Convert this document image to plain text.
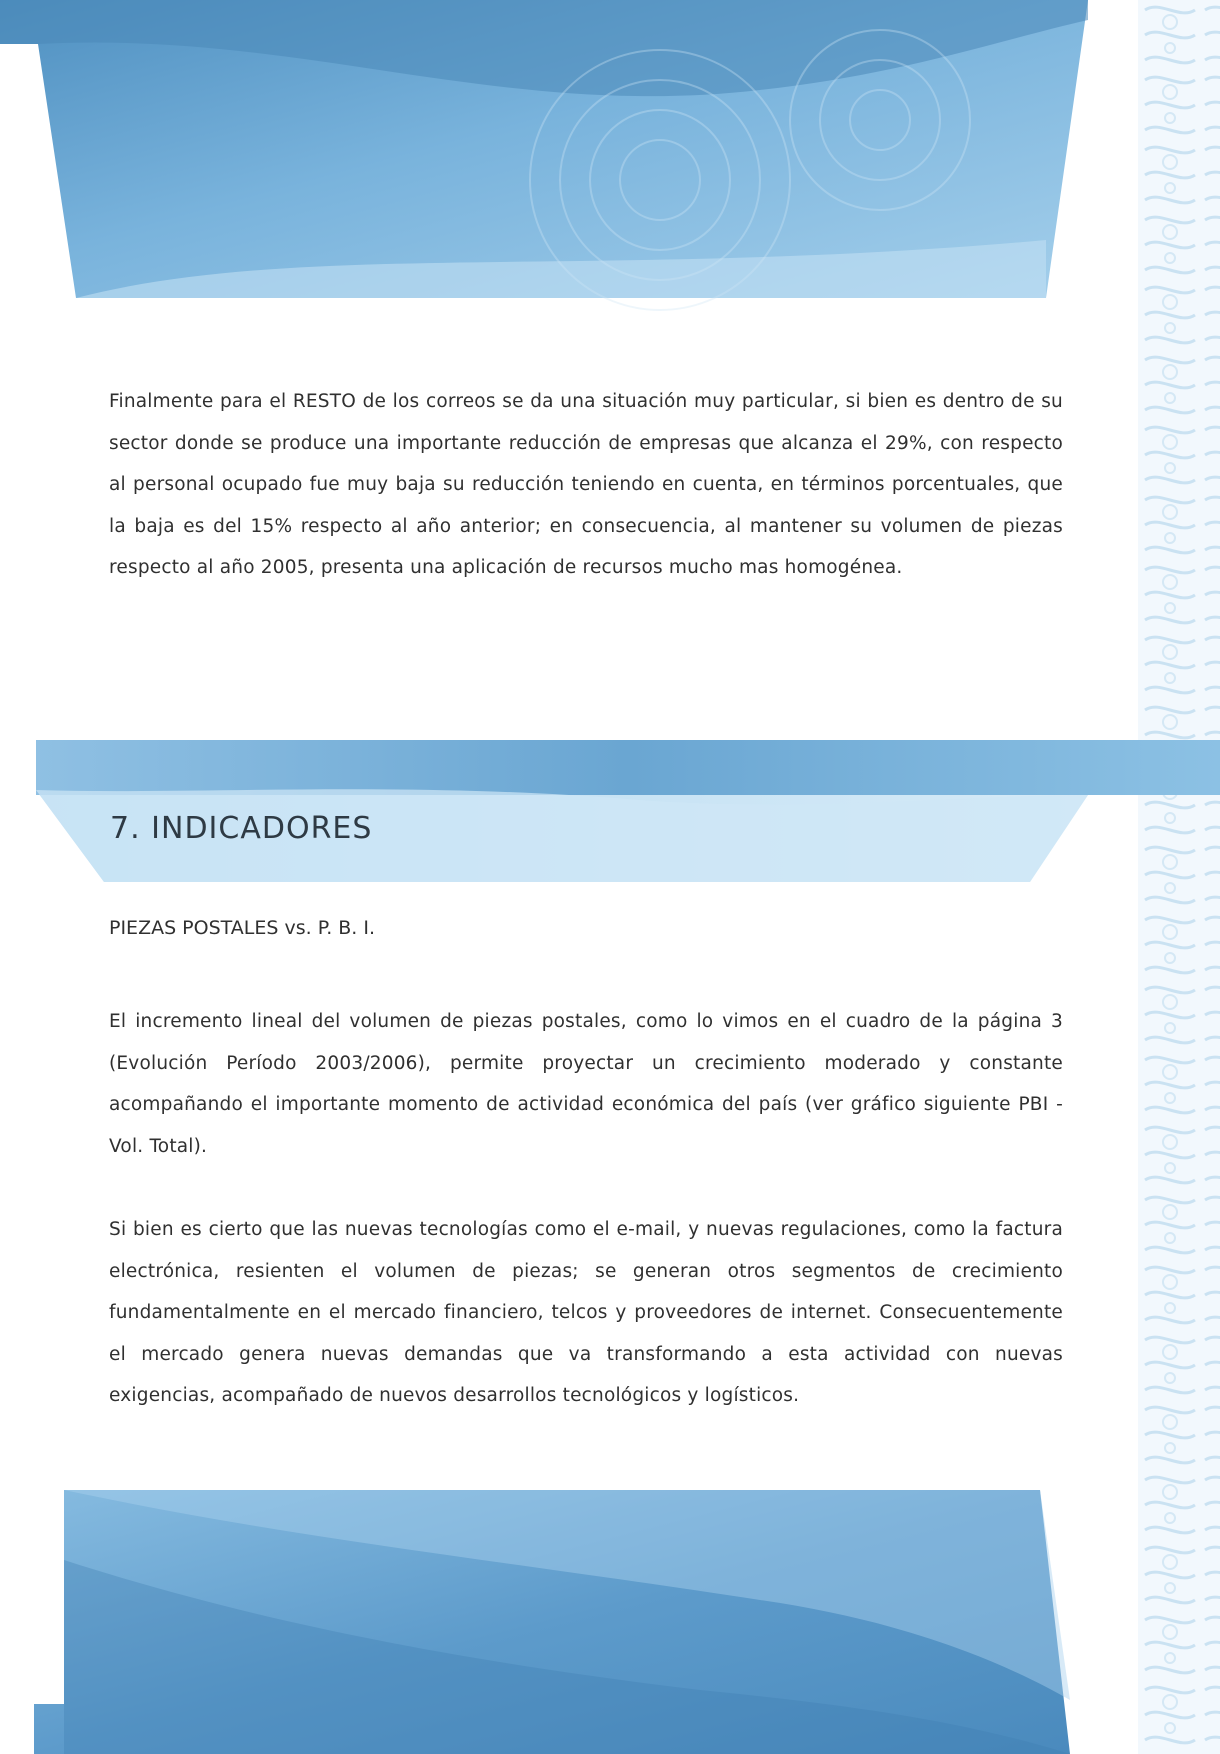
Finalmente para el RESTO de los correos se da una situación muy particular, si bien es dentro de su sector donde se produce una importante reducción de empresas que alcanza el 29%, con respecto al personal ocupado fue muy baja su reducción teniendo en cuenta, en términos porcentuales, que la baja es del 15% respecto al año anterior; en consecuencia, al mantener su volumen de piezas respecto al año 2005, presenta una aplicación de recursos mucho mas homogénea.

7. INDICADORES

PIEZAS POSTALES vs. P. B. I.

El incremento lineal del volumen de piezas postales, como lo vimos en el cuadro de la página 3 (Evolución Período 2003/2006), permite proyectar un crecimiento moderado y constante acompañando el importante momento de actividad económica del país (ver gráfico siguiente PBI - Vol. Total).

Si bien es cierto que las nuevas tecnologías como el e-mail, y nuevas regulaciones, como la factura electrónica, resienten el volumen de piezas; se generan otros segmentos de crecimiento fundamentalmente en el mercado financiero, telcos y proveedores de internet. Consecuentemente el mercado genera nuevas demandas que va transformando a esta actividad con nuevas exigencias, acompañado de nuevos desarrollos tecnológicos y logísticos.
